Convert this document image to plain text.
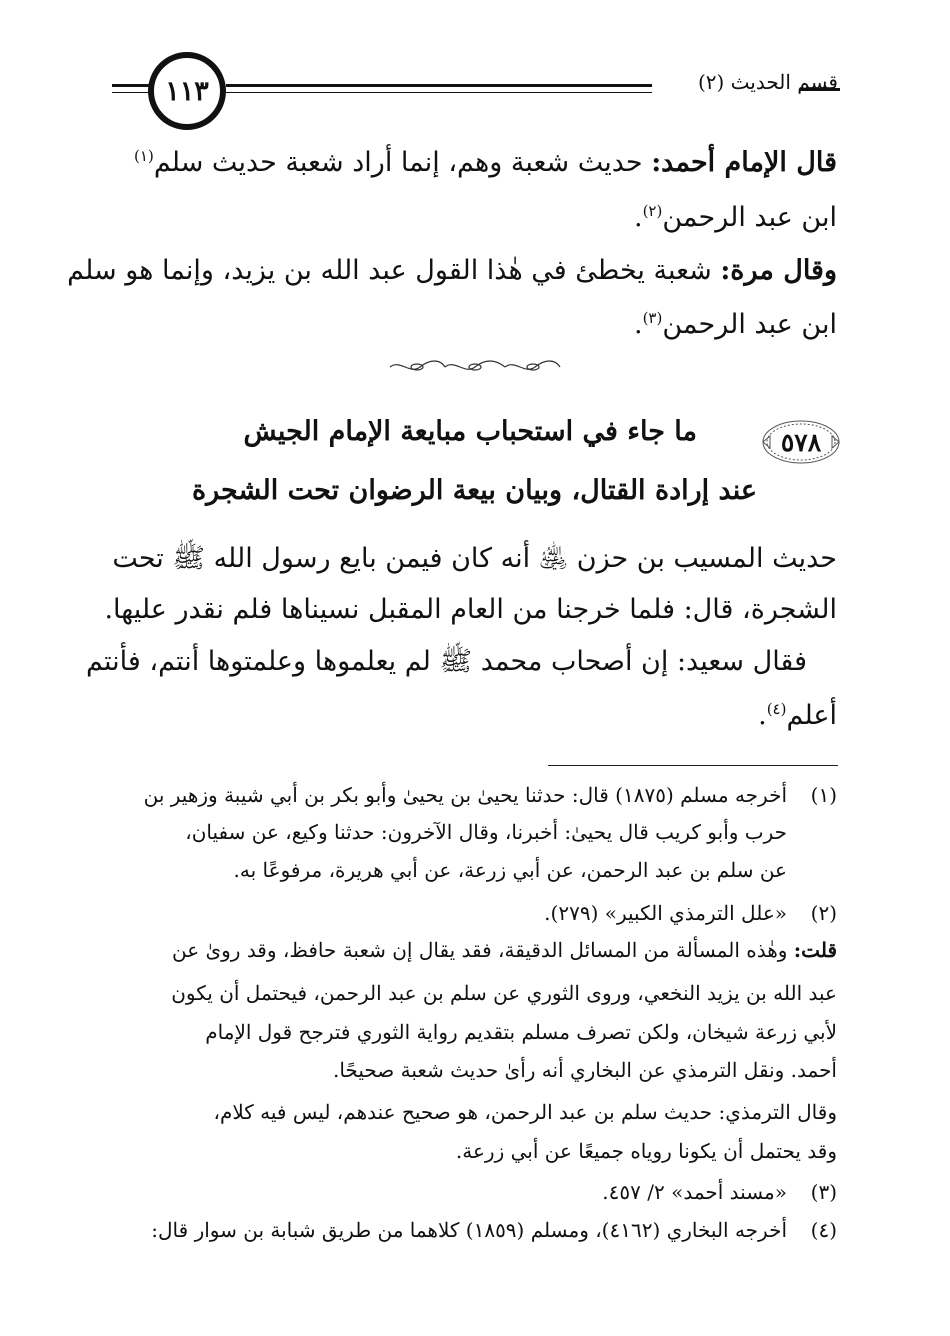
قسم الحديث (٢)
١١٣
قال الإمام أحمد: حديث شعبة وهم، إنما أراد شعبة حديث سلم$^{(١)}$
ابن عبد الرحمن$^{(٢)}$.
وقال مرة: شعبة يخطئ في هٰذا القول عبد الله بن يزيد، وإنما هو سلم
ابن عبد الرحمن$^{(٣)}$.
٥٧٨
ما جاء في استحباب مبايعة الإمام الجيش
عند إرادة القتال، وبيان بيعة الرضوان تحت الشجرة
حديث المسيب بن حزن ﵁ أنه كان فيمن بايع رسول الله ﷺ تحت
الشجرة، قال: فلما خرجنا من العام المقبل نسيناها فلم نقدر عليها.
فقال سعيد: إن أصحاب محمد ﷺ لم يعلموها وعلمتوها أنتم، فأنتم
أعلم$^{(٤)}$.
(١)أخرجه مسلم (١٨٧٥) قال: حدثنا يحيىٰ بن يحيىٰ وأبو بكر بن أبي شيبة وزهير بن
حرب وأبو كريب قال يحيىٰ: أخبرنا، وقال الآخرون: حدثنا وكيع، عن سفيان،
عن سلم بن عبد الرحمن، عن أبي زرعة، عن أبي هريرة، مرفوعًا به.
(٢)«علل الترمذي الكبير» (٢٧٩).
قلت: وهٰذه المسألة من المسائل الدقيقة، فقد يقال إن شعبة حافظ، وقد روىٰ عن
عبد الله بن يزيد النخعي، وروى الثوري عن سلم بن عبد الرحمن، فيحتمل أن يكون
لأبي زرعة شيخان، ولكن تصرف مسلم بتقديم رواية الثوري فترجح قول الإمام
أحمد. ونقل الترمذي عن البخاري أنه رأىٰ حديث شعبة صحيحًا.
وقال الترمذي: حديث سلم بن عبد الرحمن، هو صحيح عندهم، ليس فيه كلام،
وقد يحتمل أن يكونا روياه جميعًا عن أبي زرعة.
(٣)«مسند أحمد» ٢/ ٤٥٧.
(٤)أخرجه البخاري (٤١٦٢)، ومسلم (١٨٥٩) كلاهما من طريق شبابة بن سوار قال:
